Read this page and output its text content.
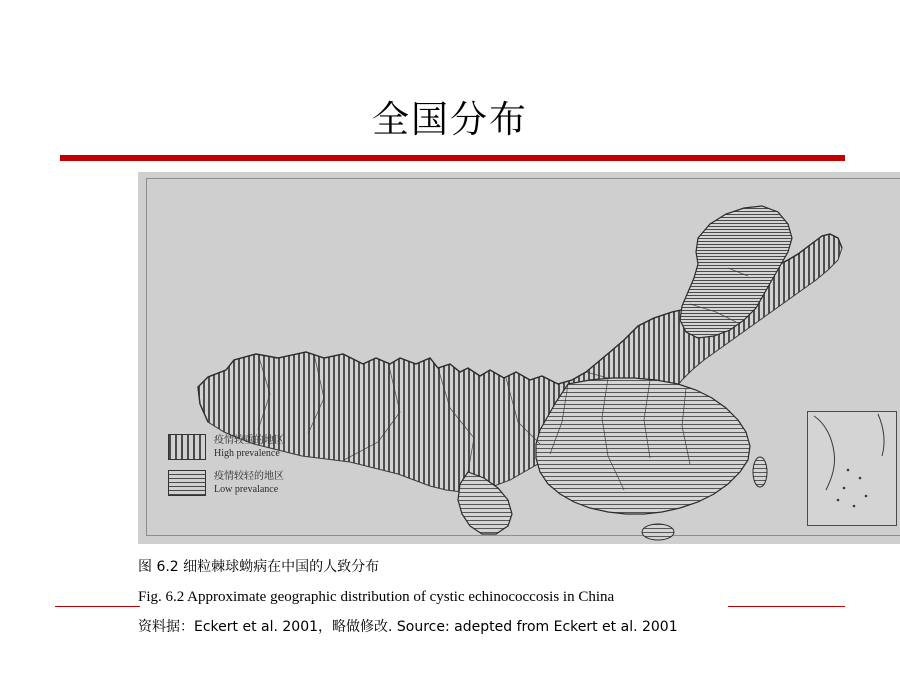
全国分布
疫情较重的地区
High prevalence
疫情较轻的地区
Low prevalance
图 6.2 细粒棘球蚴病在中国的人致分布
Fig. 6.2 Approximate geographic distribution of cystic echinococcosis in China
资料据：Eckert et al. 2001，略做修改. Source: adepted from Eckert et al. 2001
